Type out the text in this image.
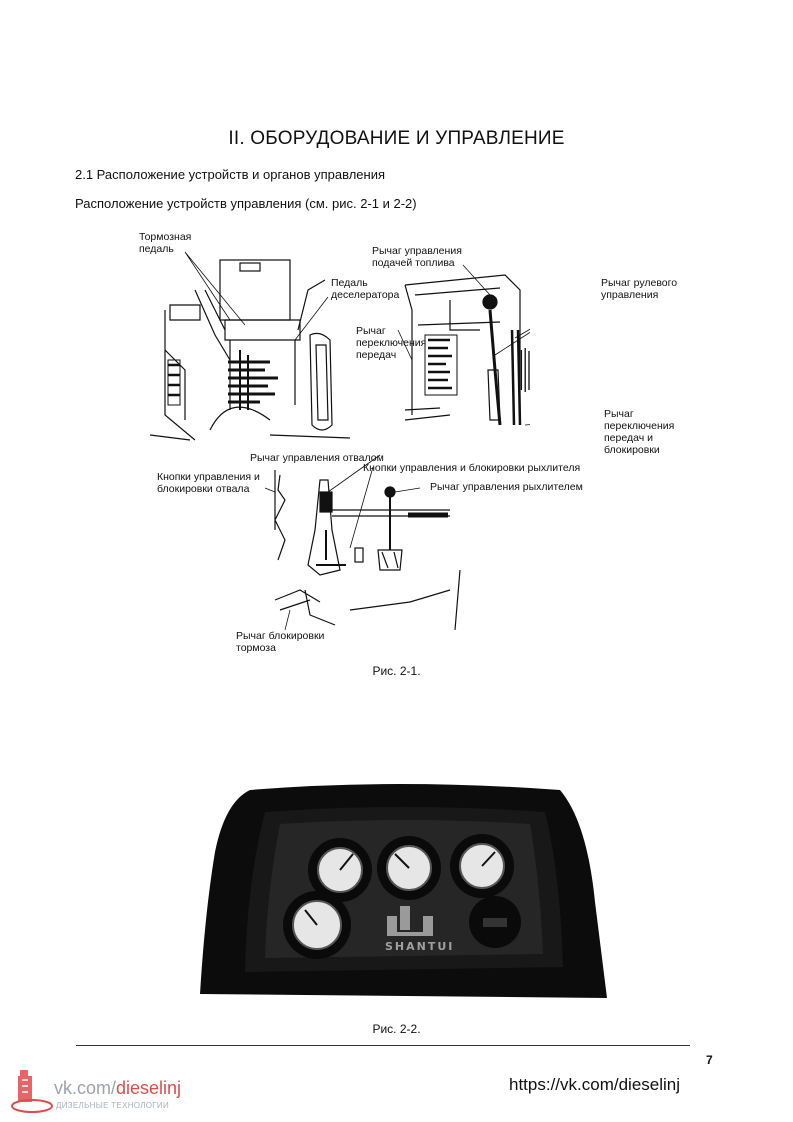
II. ОБОРУДОВАНИЕ И УПРАВЛЕНИЕ
2.1 Расположение устройств и органов управления
Расположение устройств управления (см. рис. 2-1 и 2-2)
Тормозная
педаль
Педаль
деселератора
Рычаг управления
подачей топлива
Рычаг рулевого
управления
Рычаг
переключения
передач
Рычаг
переключения
передач и
блокировки
Рычаг управления отвалом
Кнопки управления и
блокировки отвала
Кнопки управления и блокировки рыхлителя
Рычаг управления рыхлителем
Рычаг блокировки
тормоза
Рис. 2-1.
SHANTUI
Рис. 2-2.
7
https://vk.com/dieselinj
vk.com/dieselinj
ДИЗЕЛЬНЫЕ ТЕХНОЛОГИИ
